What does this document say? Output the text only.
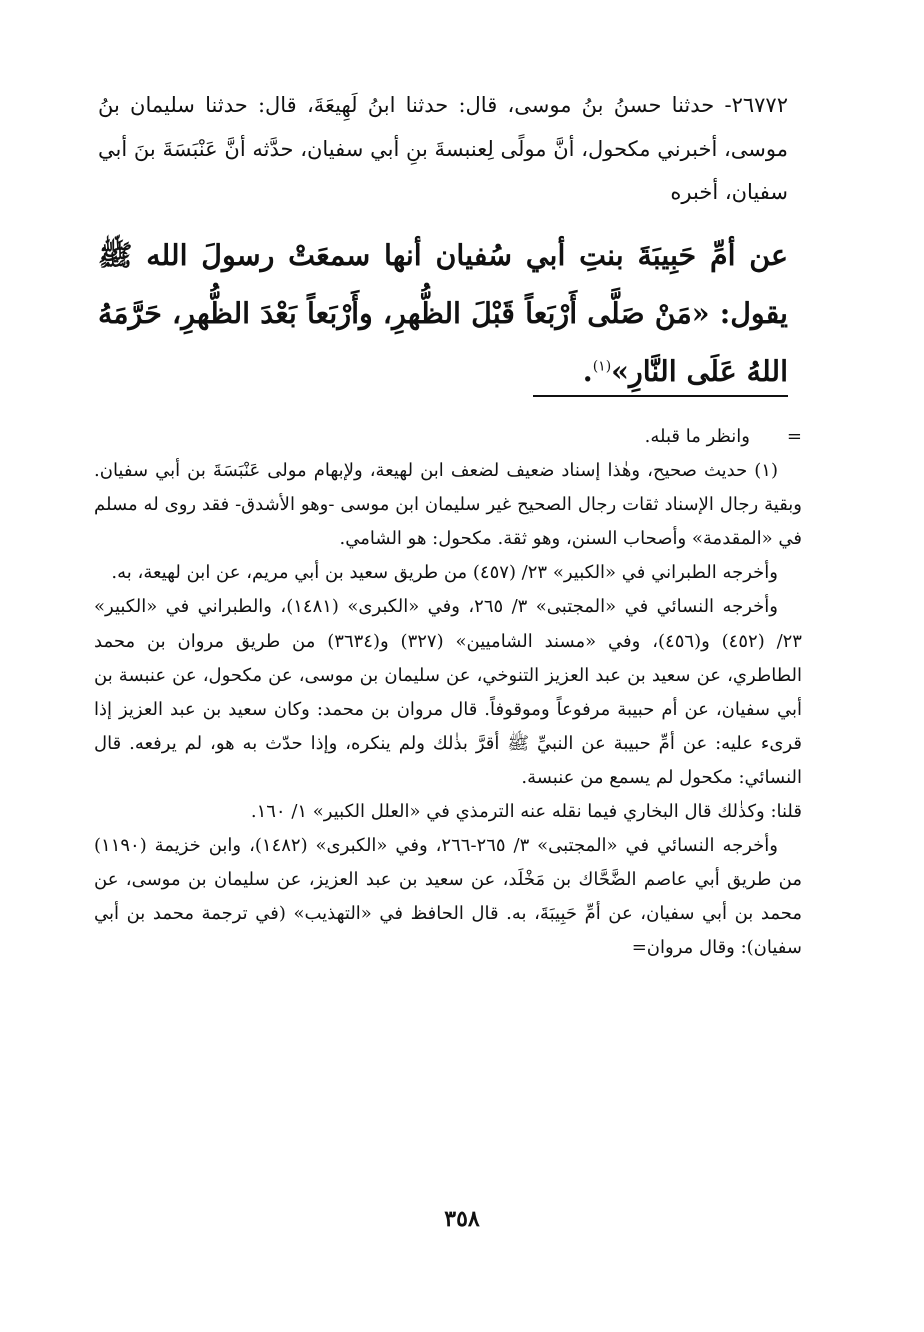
٢٦٧٧٢- حدثنا حسنُ بنُ موسى، قال: حدثنا ابنُ لَهِيعَةَ، قال: حدثنا سليمان بنُ موسى، أخبرني مكحول، أنَّ مولًى لِعنبسةَ بنِ أبي سفيان، حدَّثه أنَّ عَنْبَسَةَ بنَ أبي سفيان، أخبره

عن أمِّ حَبِيبَةَ بنتِ أبي سُفيان أنها سمعَتْ رسولَ الله ﷺ يقول: «مَنْ صَلَّى أَرْبَعاً قَبْلَ الظُّهرِ، وأَرْبَعاً بَعْدَ الظُّهرِ، حَرَّمَهُ اللهُ عَلَى النَّارِ»$^{(١)}$.

=
وانظر ما قبله.

(١) حديث صحيح، وهٰذا إسناد ضعيف لضعف ابن لهيعة، ولإبهام مولى عَنْبَسَةَ بن أبي سفيان. وبقية رجال الإسناد ثقات رجال الصحيح غير سليمان ابن موسى -وهو الأشدق- فقد روى له مسلم في «المقدمة» وأصحاب السنن، وهو ثقة. مكحول: هو الشامي.

وأخرجه الطبراني في «الكبير» ٢٣/ (٤٥٧) من طريق سعيد بن أبي مريم، عن ابن لهيعة، به.

وأخرجه النسائي في «المجتبى» ٣/ ٢٦٥، وفي «الكبرى» (١٤٨١)، والطبراني في «الكبير» ٢٣/ (٤٥٢) و(٤٥٦)، وفي «مسند الشاميين» (٣٢٧) و(٣٦٣٤) من طريق مروان بن محمد الطاطري، عن سعيد بن عبد العزيز التنوخي، عن سليمان بن موسى، عن مكحول، عن عنبسة بن أبي سفيان، عن أم حبيبة مرفوعاً وموقوفاً. قال مروان بن محمد: وكان سعيد بن عبد العزيز إذا قرىء عليه: عن أمِّ حبيبة عن النبيِّ ﷺ أقرَّ بذٰلك ولم ينكره، وإذا حدّث به هو، لم يرفعه. قال النسائي: مكحول لم يسمع من عنبسة.

قلنا: وكذٰلك قال البخاري فيما نقله عنه الترمذي في «العلل الكبير» ١/ ١٦٠.

وأخرجه النسائي في «المجتبى» ٣/ ٢٦٥-٢٦٦، وفي «الكبرى» (١٤٨٢)، وابن خزيمة (١١٩٠) من طريق أبي عاصم الضَّحَّاك بن مَخْلَد، عن سعيد بن عبد العزيز، عن سليمان بن موسى، عن محمد بن أبي سفيان، عن أمِّ حَبِيبَةَ، به. قال الحافظ في «التهذيب» (في ترجمة محمد بن أبي سفيان): وقال مروان=

٣٥٨
